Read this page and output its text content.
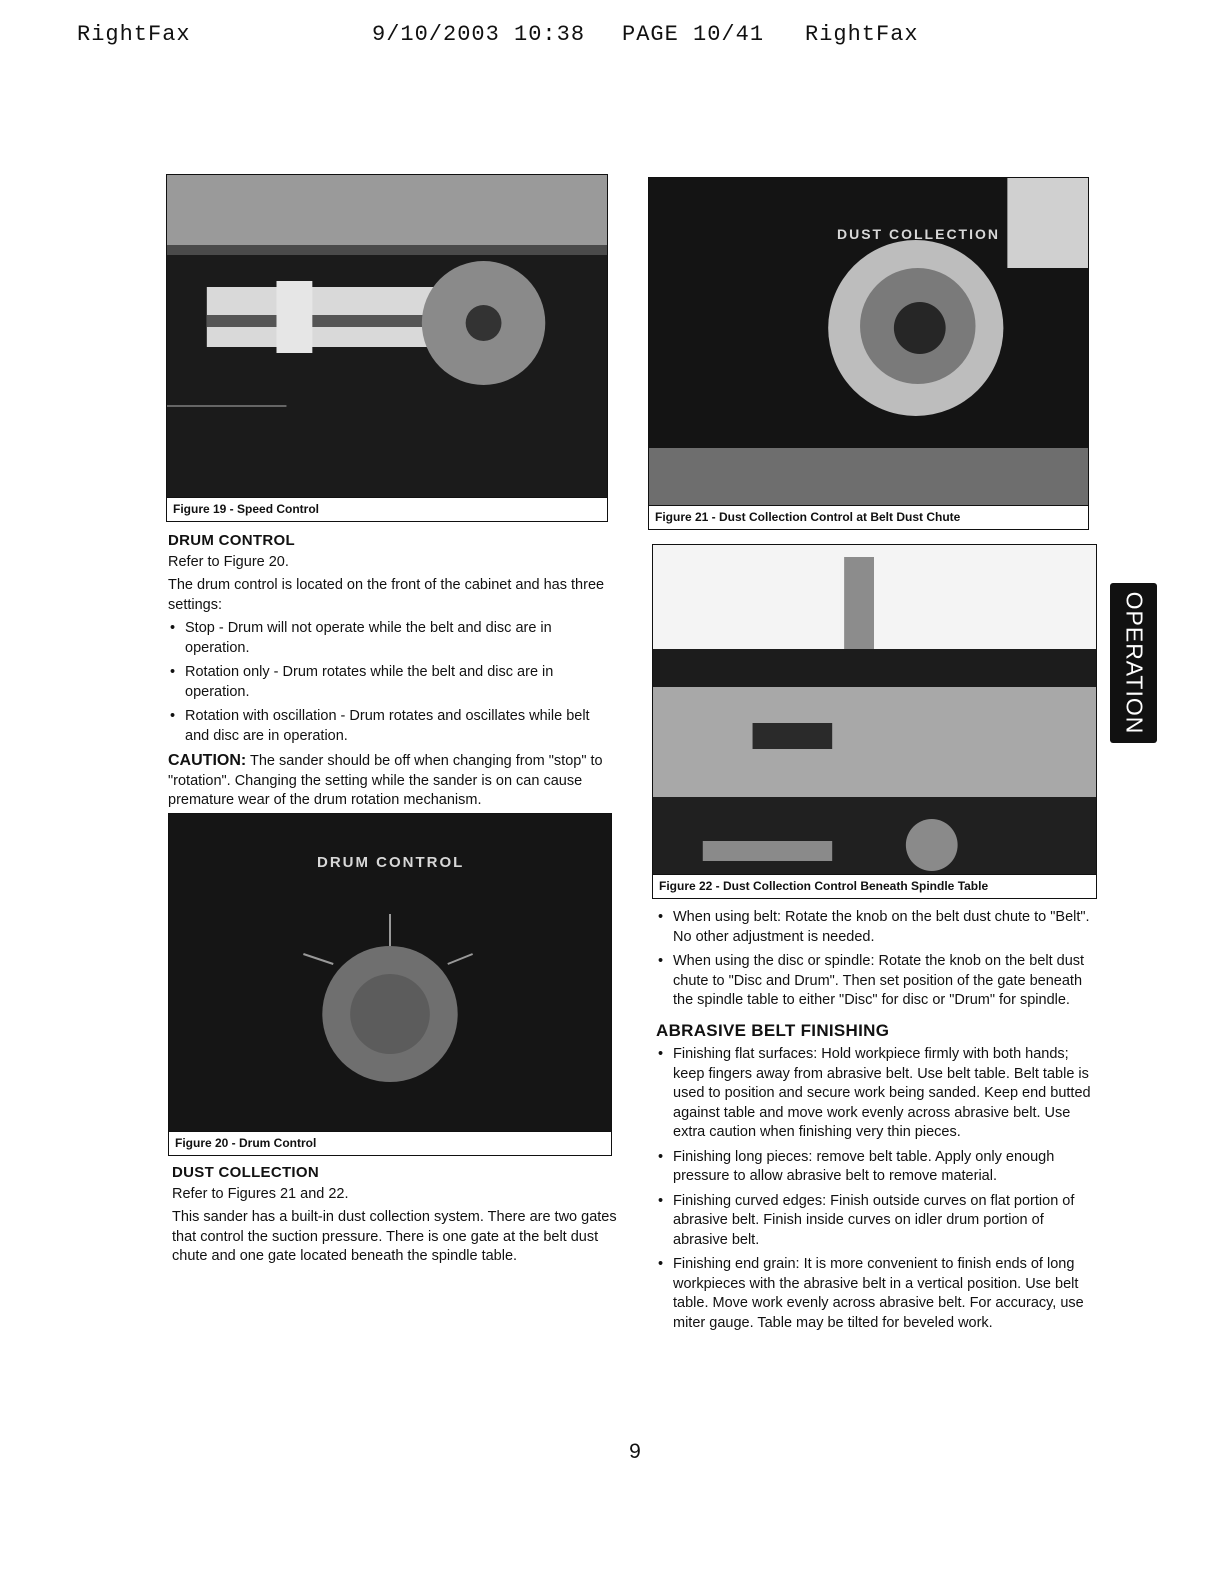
RightFax	9/10/2003 10:38 PAGE 10/41 RightFax
Figure 19 - Speed Control
DUST COLLECTION
Figure 21 - Dust Collection Control at Belt Dust Chute
DRUM CONTROL

Refer to Figure 20.

The drum control is located on the front of the cabinet and has three settings:

• Stop - Drum will not operate while the belt and disc are in operation.
• Rotation only - Drum rotates while the belt and disc are in operation.
• Rotation with oscillation - Drum rotates and oscillates while belt and disc are in operation.

CAUTION: The sander should be off when changing from "stop" to "rotation". Changing the setting while the sander is on can cause premature wear of the drum rotation mechanism.

DRUM CONTROL
Figure 20 - Drum Control
DUST COLLECTION

Refer to Figures 21 and 22.

This sander has a built-in dust collection system. There are two gates that control the suction pressure. There is one gate at the belt dust chute and one gate located beneath the spindle table.

Figure 22 - Dust Collection Control Beneath Spindle Table
• When using belt: Rotate the knob on the belt dust chute to "Belt". No other adjustment is needed.
• When using the disc or spindle: Rotate the knob on the belt dust chute to "Disc and Drum". Then set position of the gate beneath the spindle table to either "Disc" for disc or "Drum" for spindle.
ABRASIVE BELT FINISHING
• Finishing flat surfaces: Hold workpiece firmly with both hands; keep fingers away from abrasive belt. Use belt table. Belt table is used to position and secure work being sanded. Keep end butted against table and move work evenly across abrasive belt. Use extra caution when finishing very thin pieces.
• Finishing long pieces: remove belt table. Apply only enough pressure to allow abrasive belt to remove material.
• Finishing curved edges: Finish outside curves on flat portion of abrasive belt. Finish inside curves on idler drum portion of abrasive belt.
• Finishing end grain: It is more convenient to finish ends of long workpieces with the abrasive belt in a vertical position. Use belt table. Move work evenly across abrasive belt. For accuracy, use miter gauge. Table may be tilted for beveled work.
OPERATION
9
